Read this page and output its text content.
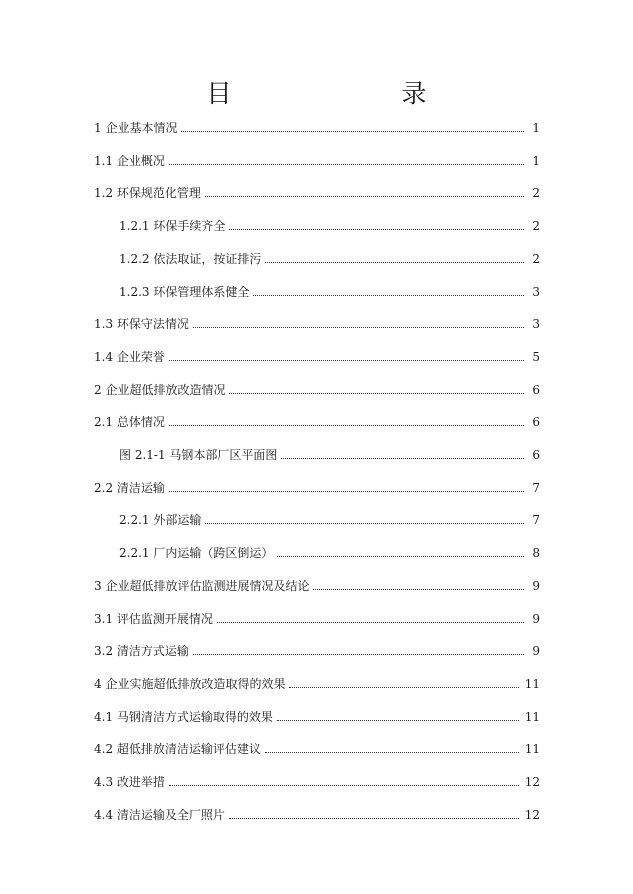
目　　录
1 企业基本情况	1
1.1 企业概况	1
1.2 环保规范化管理	2
1.2.1 环保手续齐全	2
1.2.2 依法取证，按证排污	2
1.2.3 环保管理体系健全	3
1.3 环保守法情况	3
1.4 企业荣誉	5
2 企业超低排放改造情况	6
2.1 总体情况	6
图 2.1-1 马钢本部厂区平面图	6
2.2 清洁运输	7
2.2.1 外部运输	7
2.2.1 厂内运输（跨区倒运）	8
3 企业超低排放评估监测进展情况及结论	9
3.1 评估监测开展情况	9
3.2 清洁方式运输	9
4 企业实施超低排放改造取得的效果	11
4.1 马钢清洁方式运输取得的效果	11
4.2 超低排放清洁运输评估建议	11
4.3 改进举措	12
4.4 清洁运输及全厂照片	12
